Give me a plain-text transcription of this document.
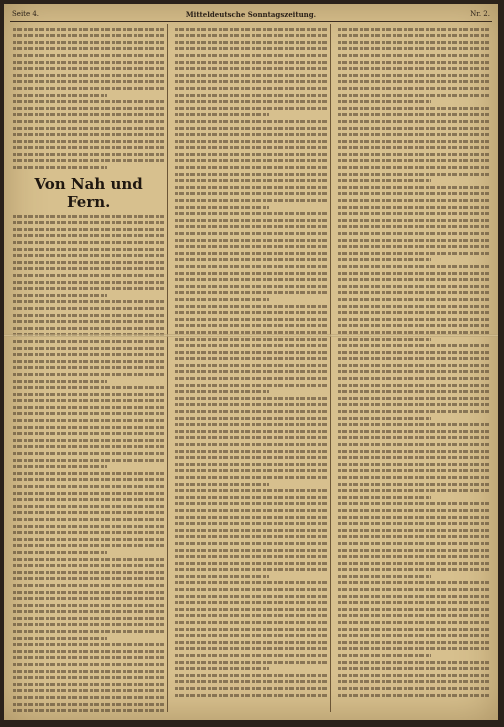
Seite 4.	Mitteldeutsche Sonntagszeitung.	Nr. 2.
Von Nah und Fern.
